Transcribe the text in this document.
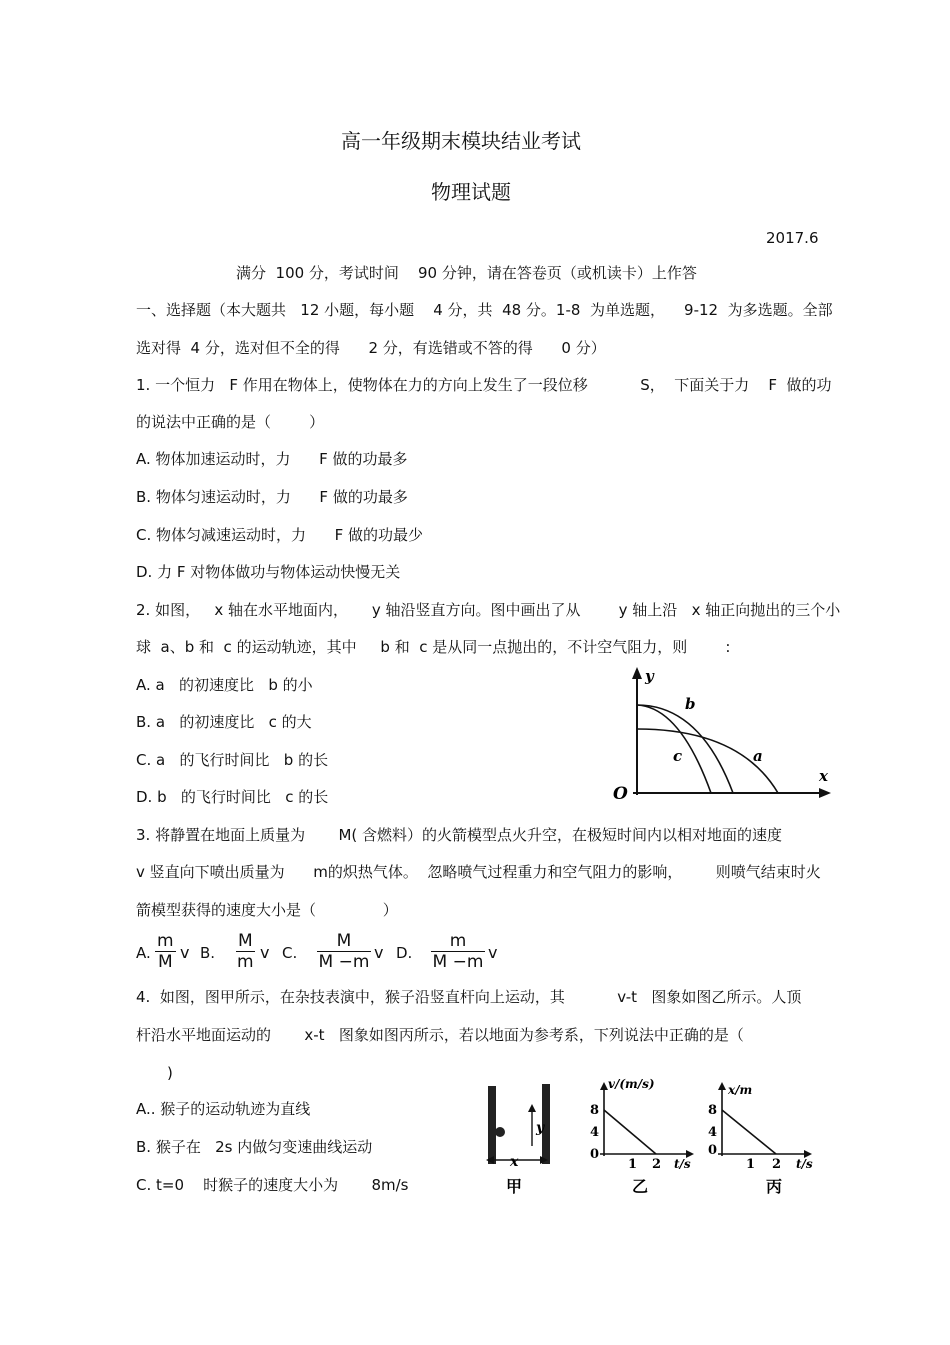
高一年级期末模块结业考试
物理试题
2017.6
满分  100 分，考试时间    90 分钟，请在答卷页（或机读卡）上作答
一、选择题（本大题共   12 小题，每小题    4 分，共  48 分。1-8  为单选题，    9-12  为多选题。全部
选对得  4 分，选对但不全的得      2 分，有选错或不答的得      0 分）
1. 一个恒力   F 作用在物体上，使物体在力的方向上发生了一段位移           S，  下面关于力    F  做的功
的说法中正确的是（        ）
A. 物体加速运动时，力      F 做的功最多
B. 物体匀速运动时，力      F 做的功最多
C. 物体匀减速运动时，力      F 做的功最少
D. 力 F 对物体做功与物体运动快慢无关
2. 如图，   x 轴在水平地面内，     y 轴沿竖直方向。图中画出了从        y 轴上沿   x 轴正向抛出的三个小
球  a、b 和  c 的运动轨迹，其中     b 和  c 是从同一点抛出的，不计空气阻力，则        :
A. a   的初速度比   b 的小
B. a   的初速度比   c 的大
C. a   的飞行时间比   b 的长
D. b   的飞行时间比   c 的长
y
x
O
b
c	a
3. 将静置在地面上质量为       M( 含燃料）的火箭模型点火升空，在极短时间内以相对地面的速度
v 竖直向下喷出质量为      m的炽热气体。  忽略喷气过程重力和空气阻力的影响，       则喷气结束时火
箭模型获得的速度大小是（              ）
A. $\frac{m}{M}$ v B. $\frac{M}{m}$ v C. $\frac{M}{M -m}$ v D. $\frac{m}{M -m}$ v
4.  如图，图甲所示，在杂技表演中，猴子沿竖直杆向上运动，其           v-t   图象如图乙所示。人顶
杆沿水平地面运动的       x-t   图象如图丙所示，若以地面为参考系，下列说法中正确的是（
)
A.. 猴子的运动轨迹为直线
B. 猴子在   2s 内做匀变速曲线运动
C. t=0    时猴子的速度大小为       8m/s
y
x
甲
v/(m/s)
t/s
8
4
0
1 2
乙
x/m
t/s
8
4
0
1 2
丙
